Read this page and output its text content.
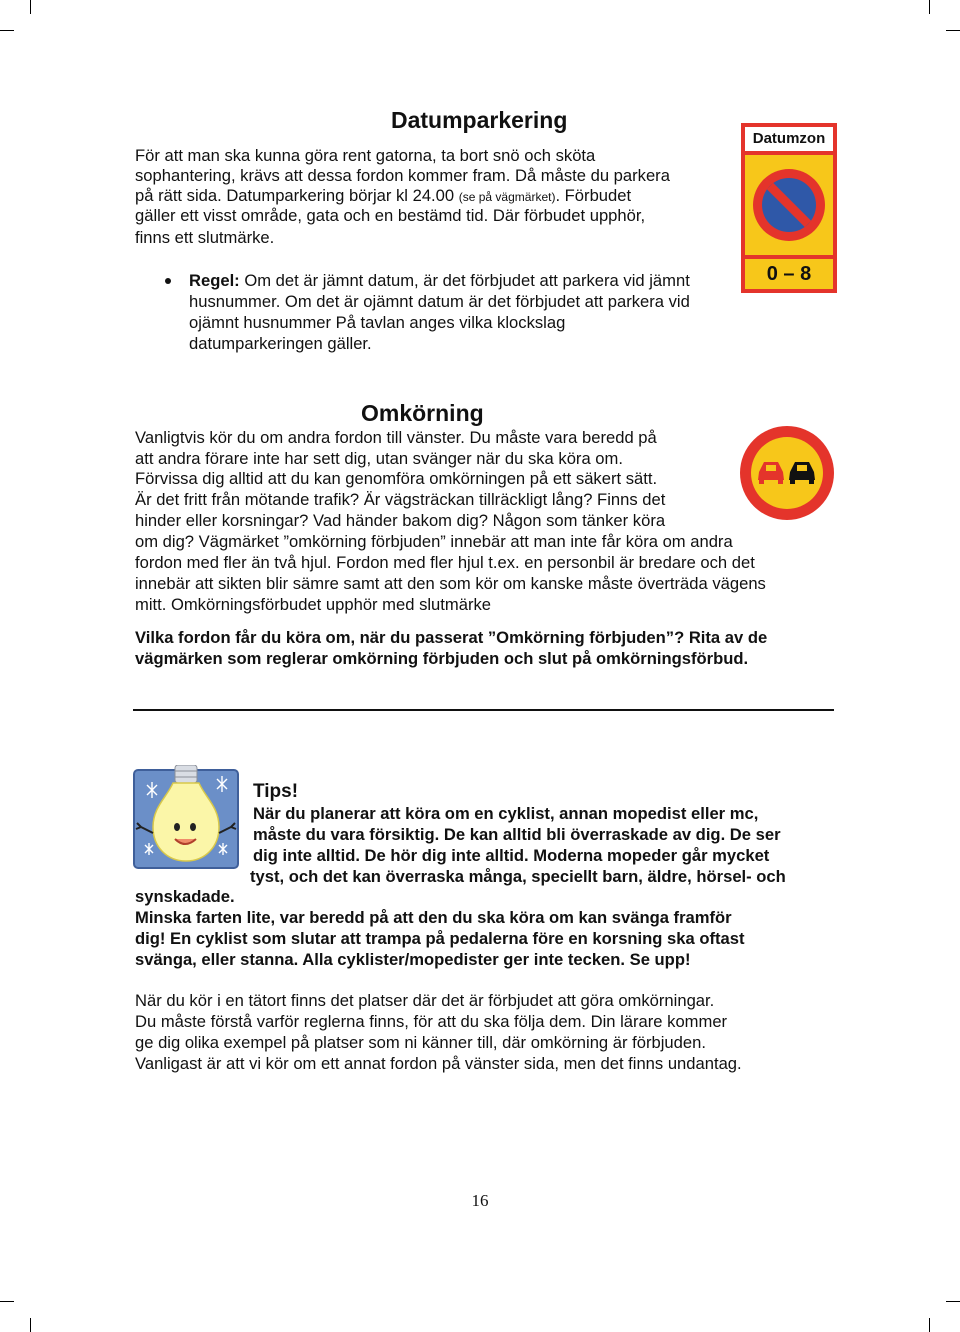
Datumparkering
För att man ska kunna göra rent gatorna, ta bort snö och sköta
sophantering, krävs att dessa fordon kommer fram. Då måste du parkera
på rätt sida. Datumparkering börjar kl 24.00 (se på vägmärket). Förbudet
gäller ett visst område, gata och en bestämd tid. Där förbudet upphör,
finns ett slutmärke.
Regel: Om det är jämnt datum, är det förbjudet att parkera vid jämnt
husnummer. Om det är ojämnt datum är det förbjudet att parkera vid
ojämnt husnummer På tavlan anges vilka klockslag
datumparkeringen gäller.
Datumzon
0 – 8
Omkörning
Vanligtvis kör du om andra fordon till vänster. Du måste vara beredd på
att andra förare inte har sett dig, utan svänger när du ska köra om.
Förvissa dig alltid att du kan genomföra omkörningen på ett säkert sätt.
Är det fritt från mötande trafik? Är vägsträckan tillräckligt lång? Finns det
hinder eller korsningar? Vad händer bakom dig? Någon som tänker köra
om dig? Vägmärket ”omkörning förbjuden” innebär att man inte får köra om andra
fordon med fler än två hjul. Fordon med fler hjul t.ex. en personbil är bredare och det
innebär att sikten blir sämre samt att den som kör om kanske måste överträda vägens
mitt. Omkörningsförbudet upphör med slutmärke
Vilka fordon får du köra om, när du passerat ”Omkörning förbjuden”? Rita av de
vägmärken som reglerar omkörning förbjuden och slut på omkörningsförbud.
Tips!
När du planerar att köra om en cyklist, annan mopedist eller mc,
måste du vara försiktig. De kan alltid bli överraskade av dig. De ser
dig inte alltid. De hör dig inte alltid. Moderna mopeder går mycket
tyst, och det kan överraska många, speciellt barn, äldre, hörsel- och
synskadade.
Minska farten lite, var beredd på att den du ska köra om kan svänga framför
dig! En cyklist som slutar att trampa på pedalerna före en korsning ska oftast
svänga, eller stanna. Alla cyklister/mopedister ger inte tecken. Se upp!
När du kör i en tätort finns det platser där det är förbjudet att göra omkörningar.
Du måste förstå varför reglerna finns, för att du ska följa dem. Din lärare kommer
ge dig olika exempel på platser som ni känner till, där omkörning är förbjuden.
Vanligast är att vi kör om ett annat fordon på vänster sida, men det finns undantag.
16
